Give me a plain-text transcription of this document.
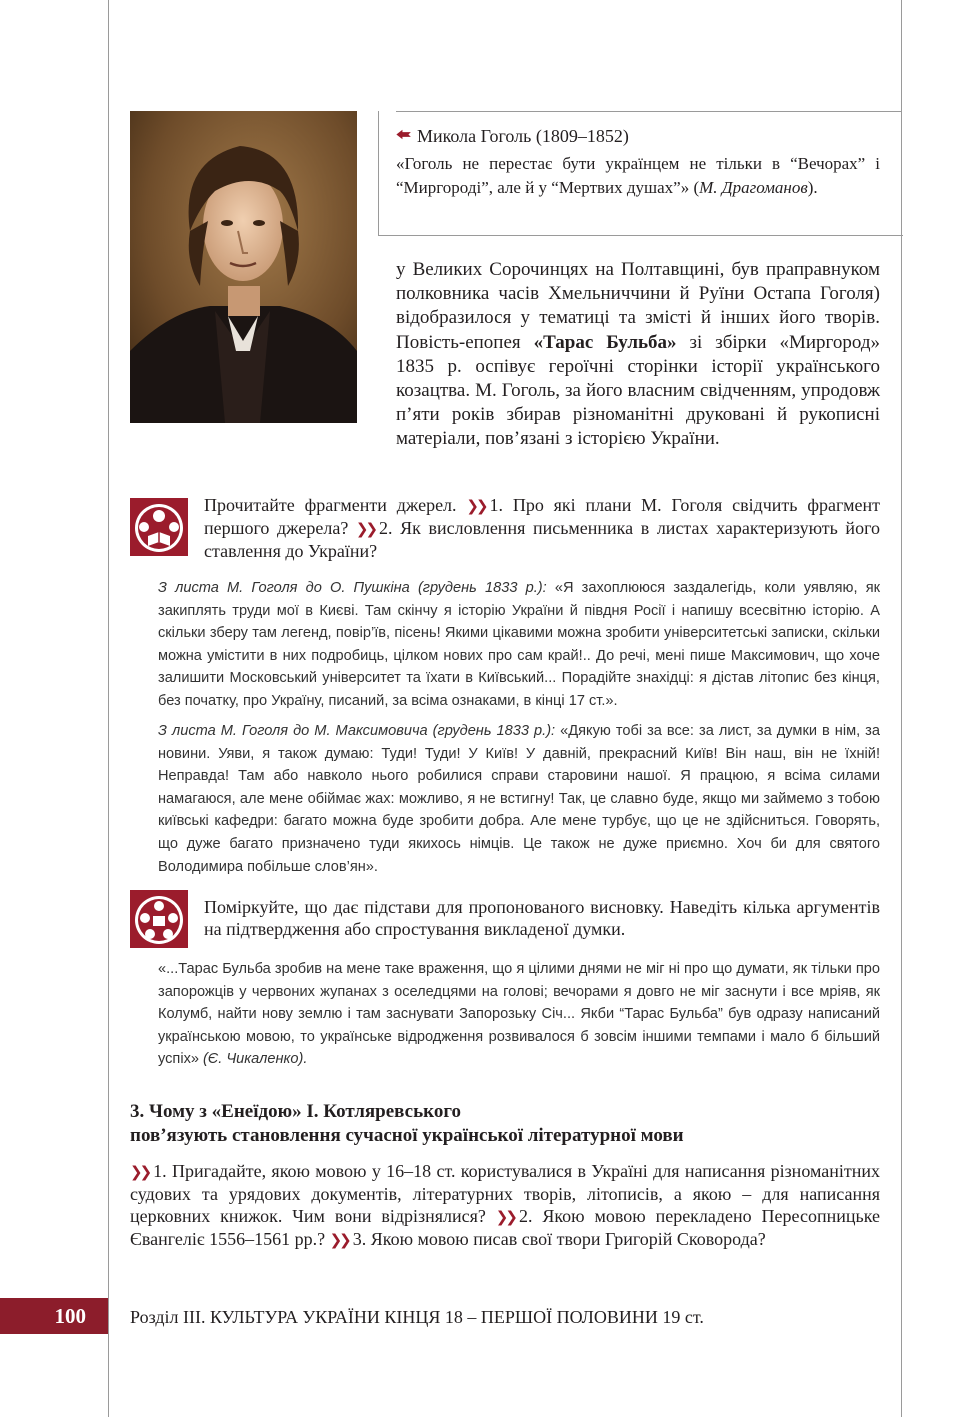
🢘 Микола Гоголь (1809–1852)
«Гоголь не перестає бути українцем не тільки в “Вечорах” і “Миргороді”, але й у “Мертвих душах”» (М. Драгоманов).
у Великих Сорочинцях на Полтавщині, був праправнуком полковника часів Хмельниччини й Руїни Остапа Гоголя) відобразилося у тематиці та змісті й інших його творів. Повість-епопея «Тарас Бульба» зі збірки «Миргород» 1835 р. оспівує героїчні сторінки історії українського козацтва. М. Гоголь, за його власним свідченням, упродовж п’яти років збирав різноманітні друковані й рукописні матеріали, пов’язані з історією України.
Прочитайте фрагменти джерел. ❯❯ 1. Про які плани М. Гоголя свідчить фрагмент першого джерела? ❯❯ 2. Як висловлення письменника в листах характеризують його ставлення до України?
З листа М. Гоголя до О. Пушкіна (грудень 1833 р.): «Я захоплююся заздалегідь, коли уявляю, як закиплять труди мої в Києві. Там скінчу я історію України й півдня Росії і напишу всесвітню історію. А скільки зберу там легенд, повір’їв, пісень! Якими цікавими можна зробити університетські записки, скільки можна умістити в них подробиць, цілком нових про сам край!.. До речі, мені пише Максимович, що хоче залишити Московський університет та їхати в Київський... Порадійте знахідці: я дістав літопис без кінця, без початку, про Україну, писаний, за всіма ознаками, в кінці 17 ст.».
З листа М. Гоголя до М. Максимовича (грудень 1833 р.): «Дякую тобі за все: за лист, за думки в нім, за новини. Уяви, я також думаю: Туди! Туди! У Київ! У давній, прекрасний Київ! Він наш, він не їхній! Неправда! Там або навколо нього робилися справи старовини нашої. Я працюю, я всіма силами намагаюся, але мене обіймає жах: можливо, я не встигну! Так, це славно буде, якщо ми займемо з тобою київські кафедри: багато можна буде зробити добра. Але мене турбує, що це не здійсниться. Говорять, що дуже багато призначено туди якихось німців. Це також не дуже приємно. Хоч би для святого Володимира побільше слов’ян».
Поміркуйте, що дає підстави для пропонованого висновку. Наведіть кілька аргументів на підтвердження або спростування викладеної думки.
«...Тарас Бульба зробив на мене таке враження, що я цілими днями не міг ні про що думати, як тільки про запорожців у червоних жупанах з оселедцями на голові; вечорами я довго не міг заснути і все мріяв, як Колумб, найти нову землю і там заснувати Запорозьку Січ... Якби “Тарас Бульба” був одразу написаний українською мовою, то українське відродження розвивалося б зовсім іншими темпами і мало б більший успіх» (Є. Чикаленко).
3. Чому з «Енеїдою» І. Котляревського
пов’язують становлення сучасної української літературної мови
❯❯ 1. Пригадайте, якою мовою у 16–18 ст. користувалися в Україні для написання різноманітних судових та урядових документів, літературних творів, літописів, а якою – для написання церковних книжок. Чим вони відрізнялися? ❯❯ 2. Якою мовою перекладено Пересопницьке Євангеліє 1556–1561 рр.? ❯❯ 3. Якою мовою писав свої твори Григорій Сковорода?
100 Розділ ІІІ. КУЛЬТУРА УКРАЇНИ КІНЦЯ 18 – ПЕРШОЇ ПОЛОВИНИ 19 ст.
